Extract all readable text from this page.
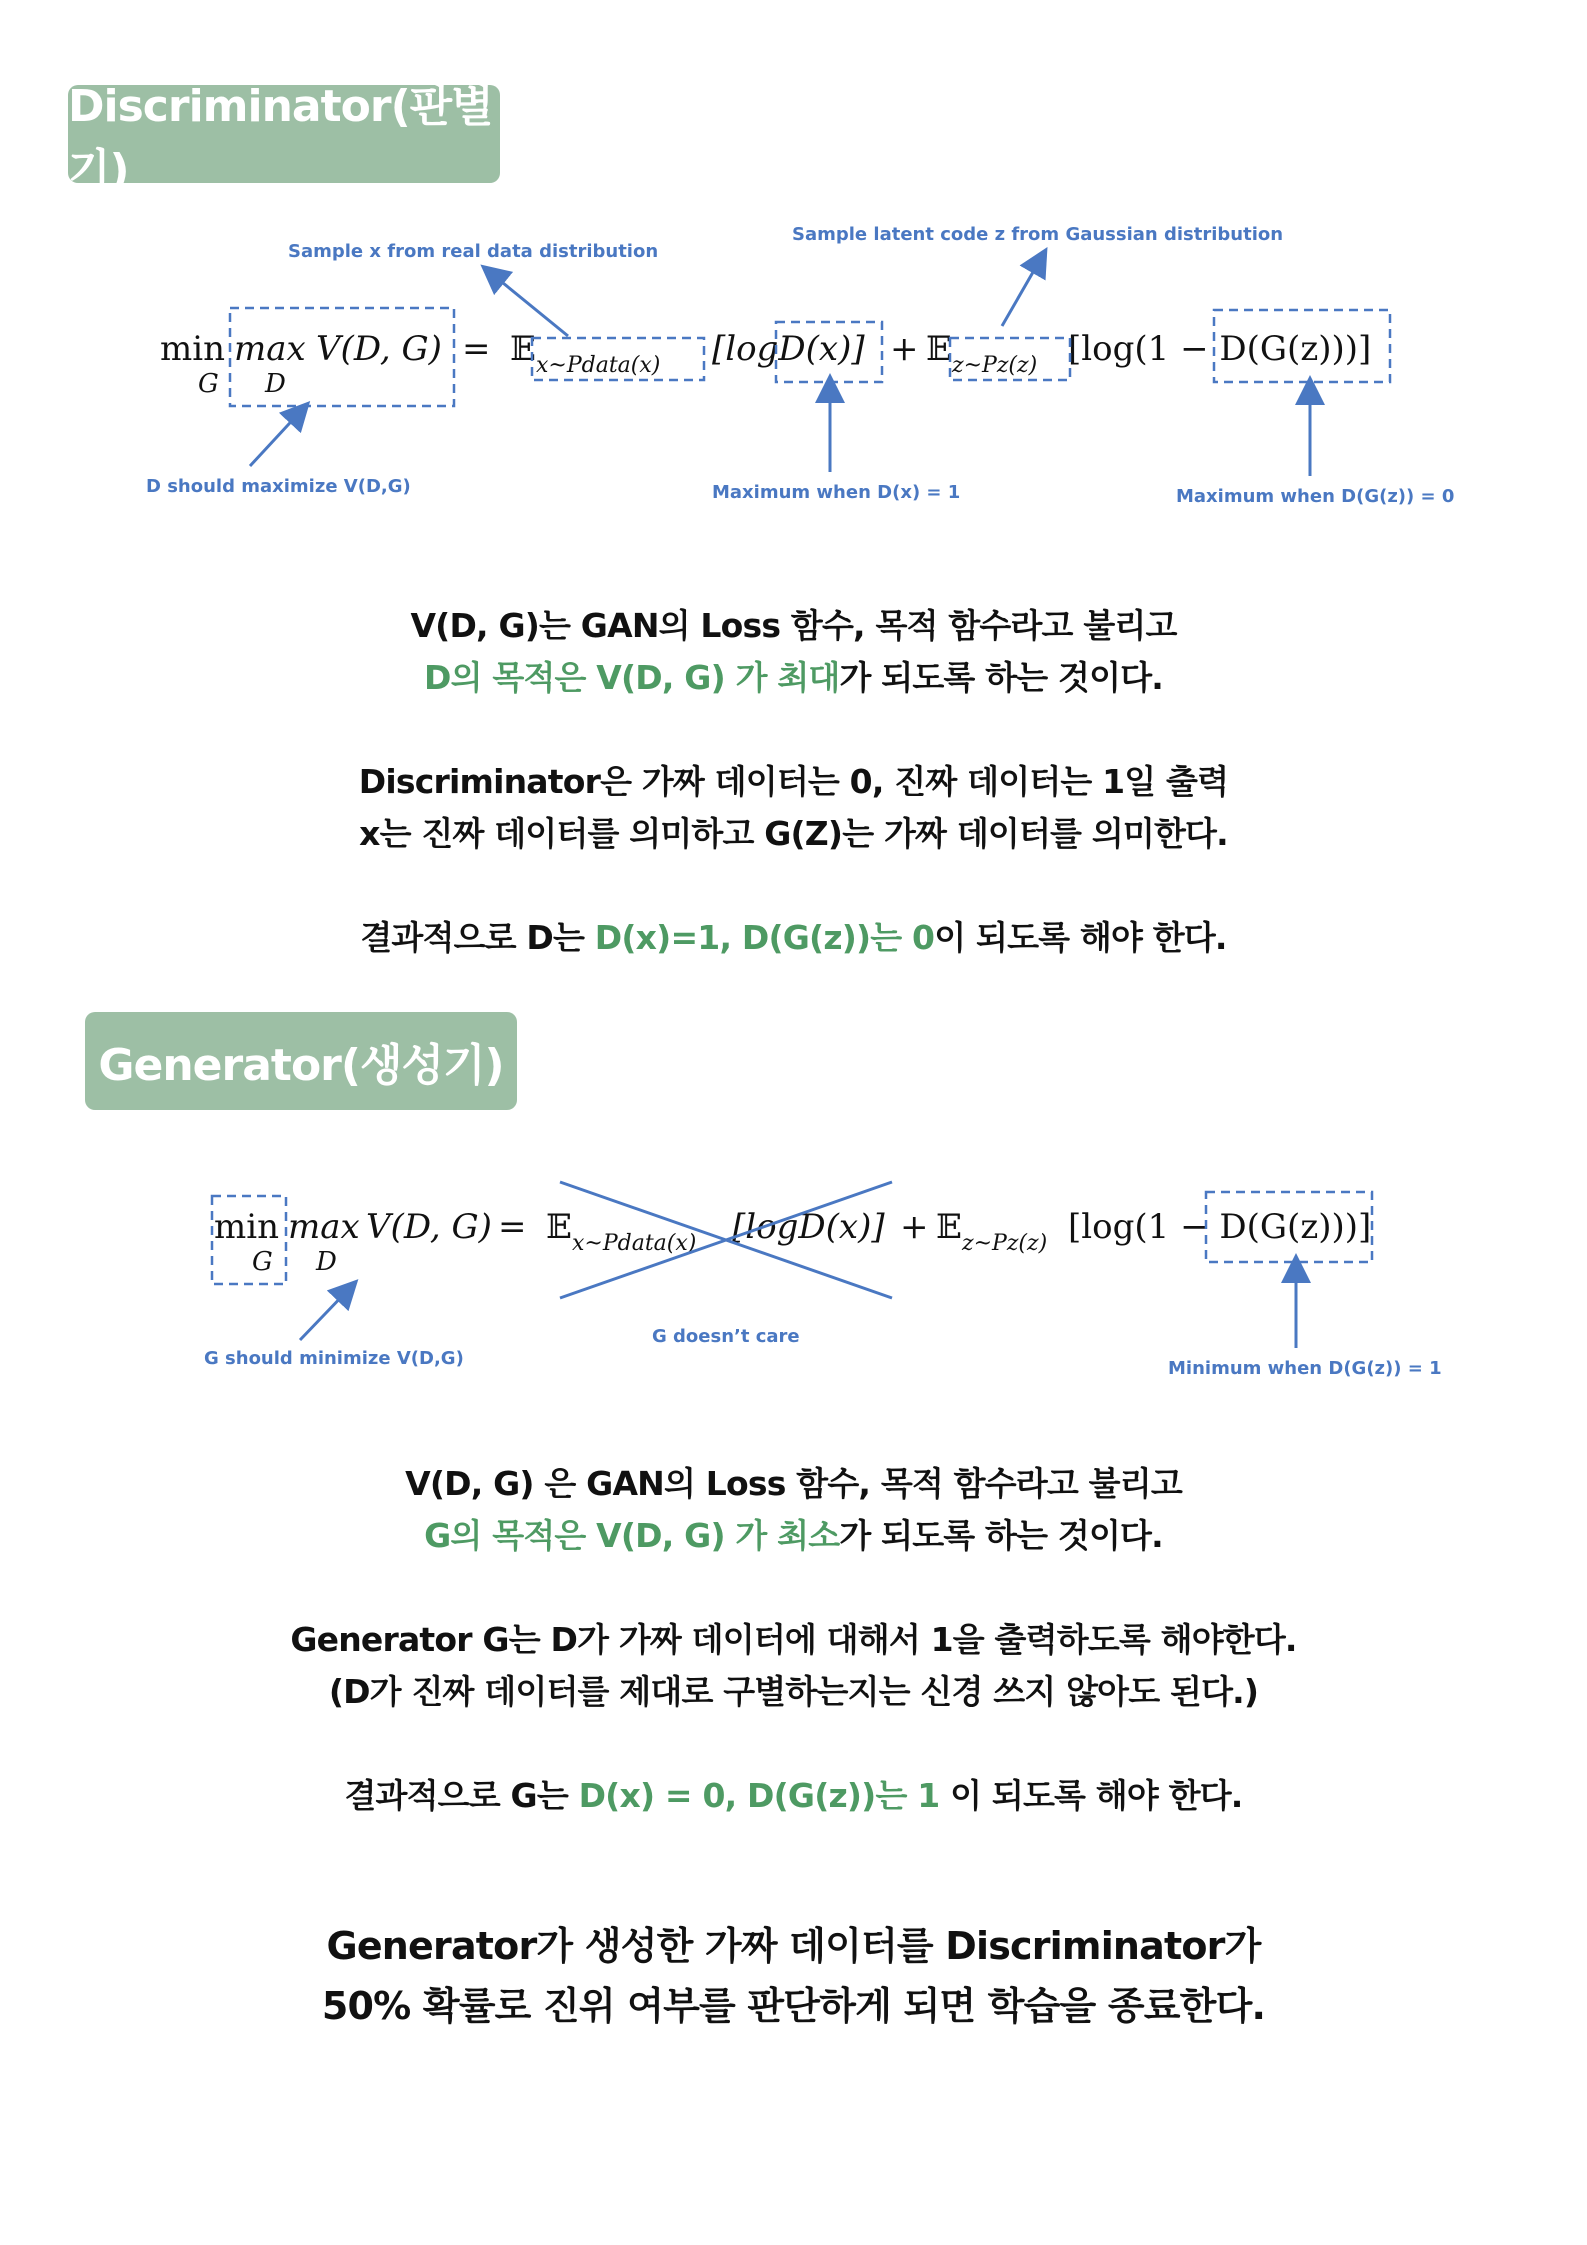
Discriminator(판별기)
min
G
max
D
V(D, G) = 𝔼 x~Pdata(x) [logD(x)] + 𝔼 z~Pz(z) [log(1 − D(G(z)))]
Sample x from real data distribution
Sample latent code z from Gaussian distribution
D should maximize V(D,G)	Maximum when D(x) = 1	Maximum when D(G(z)) = 0
V(D, G)는 GAN의 Loss 함수, 목적 함수라고 불리고
D의 목적은 V(D, G) 가 최대가 되도록 하는 것이다.
Discriminator은 가짜 데이터는 0, 진짜 데이터는 1일 출력
x는 진짜 데이터를 의미하고 G(Z)는 가짜 데이터를 의미한다.
결과적으로 D는 D(x)=1, D(G(z))는 0이 되도록 해야 한다.
Generator(생성기)
min
G
max
D
V(D, G) = 𝔼 x~Pdata(x) [logD(x)] + 𝔼 z~Pz(z) [log(1 − D(G(z)))]
G should minimize V(D,G)
G doesn’t care
Minimum when D(G(z)) = 1
V(D, G) 은 GAN의 Loss 함수, 목적 함수라고 불리고
G의 목적은 V(D, G) 가 최소가 되도록 하는 것이다.
Generator G는 D가 가짜 데이터에 대해서 1을 출력하도록 해야한다.
(D가 진짜 데이터를 제대로 구별하는지는 신경 쓰지 않아도 된다.)
결과적으로 G는 D(x) = 0, D(G(z))는 1 이 되도록 해야 한다.
Generator가 생성한 가짜 데이터를 Discriminator가
50% 확률로 진위 여부를 판단하게 되면 학습을 종료한다.
